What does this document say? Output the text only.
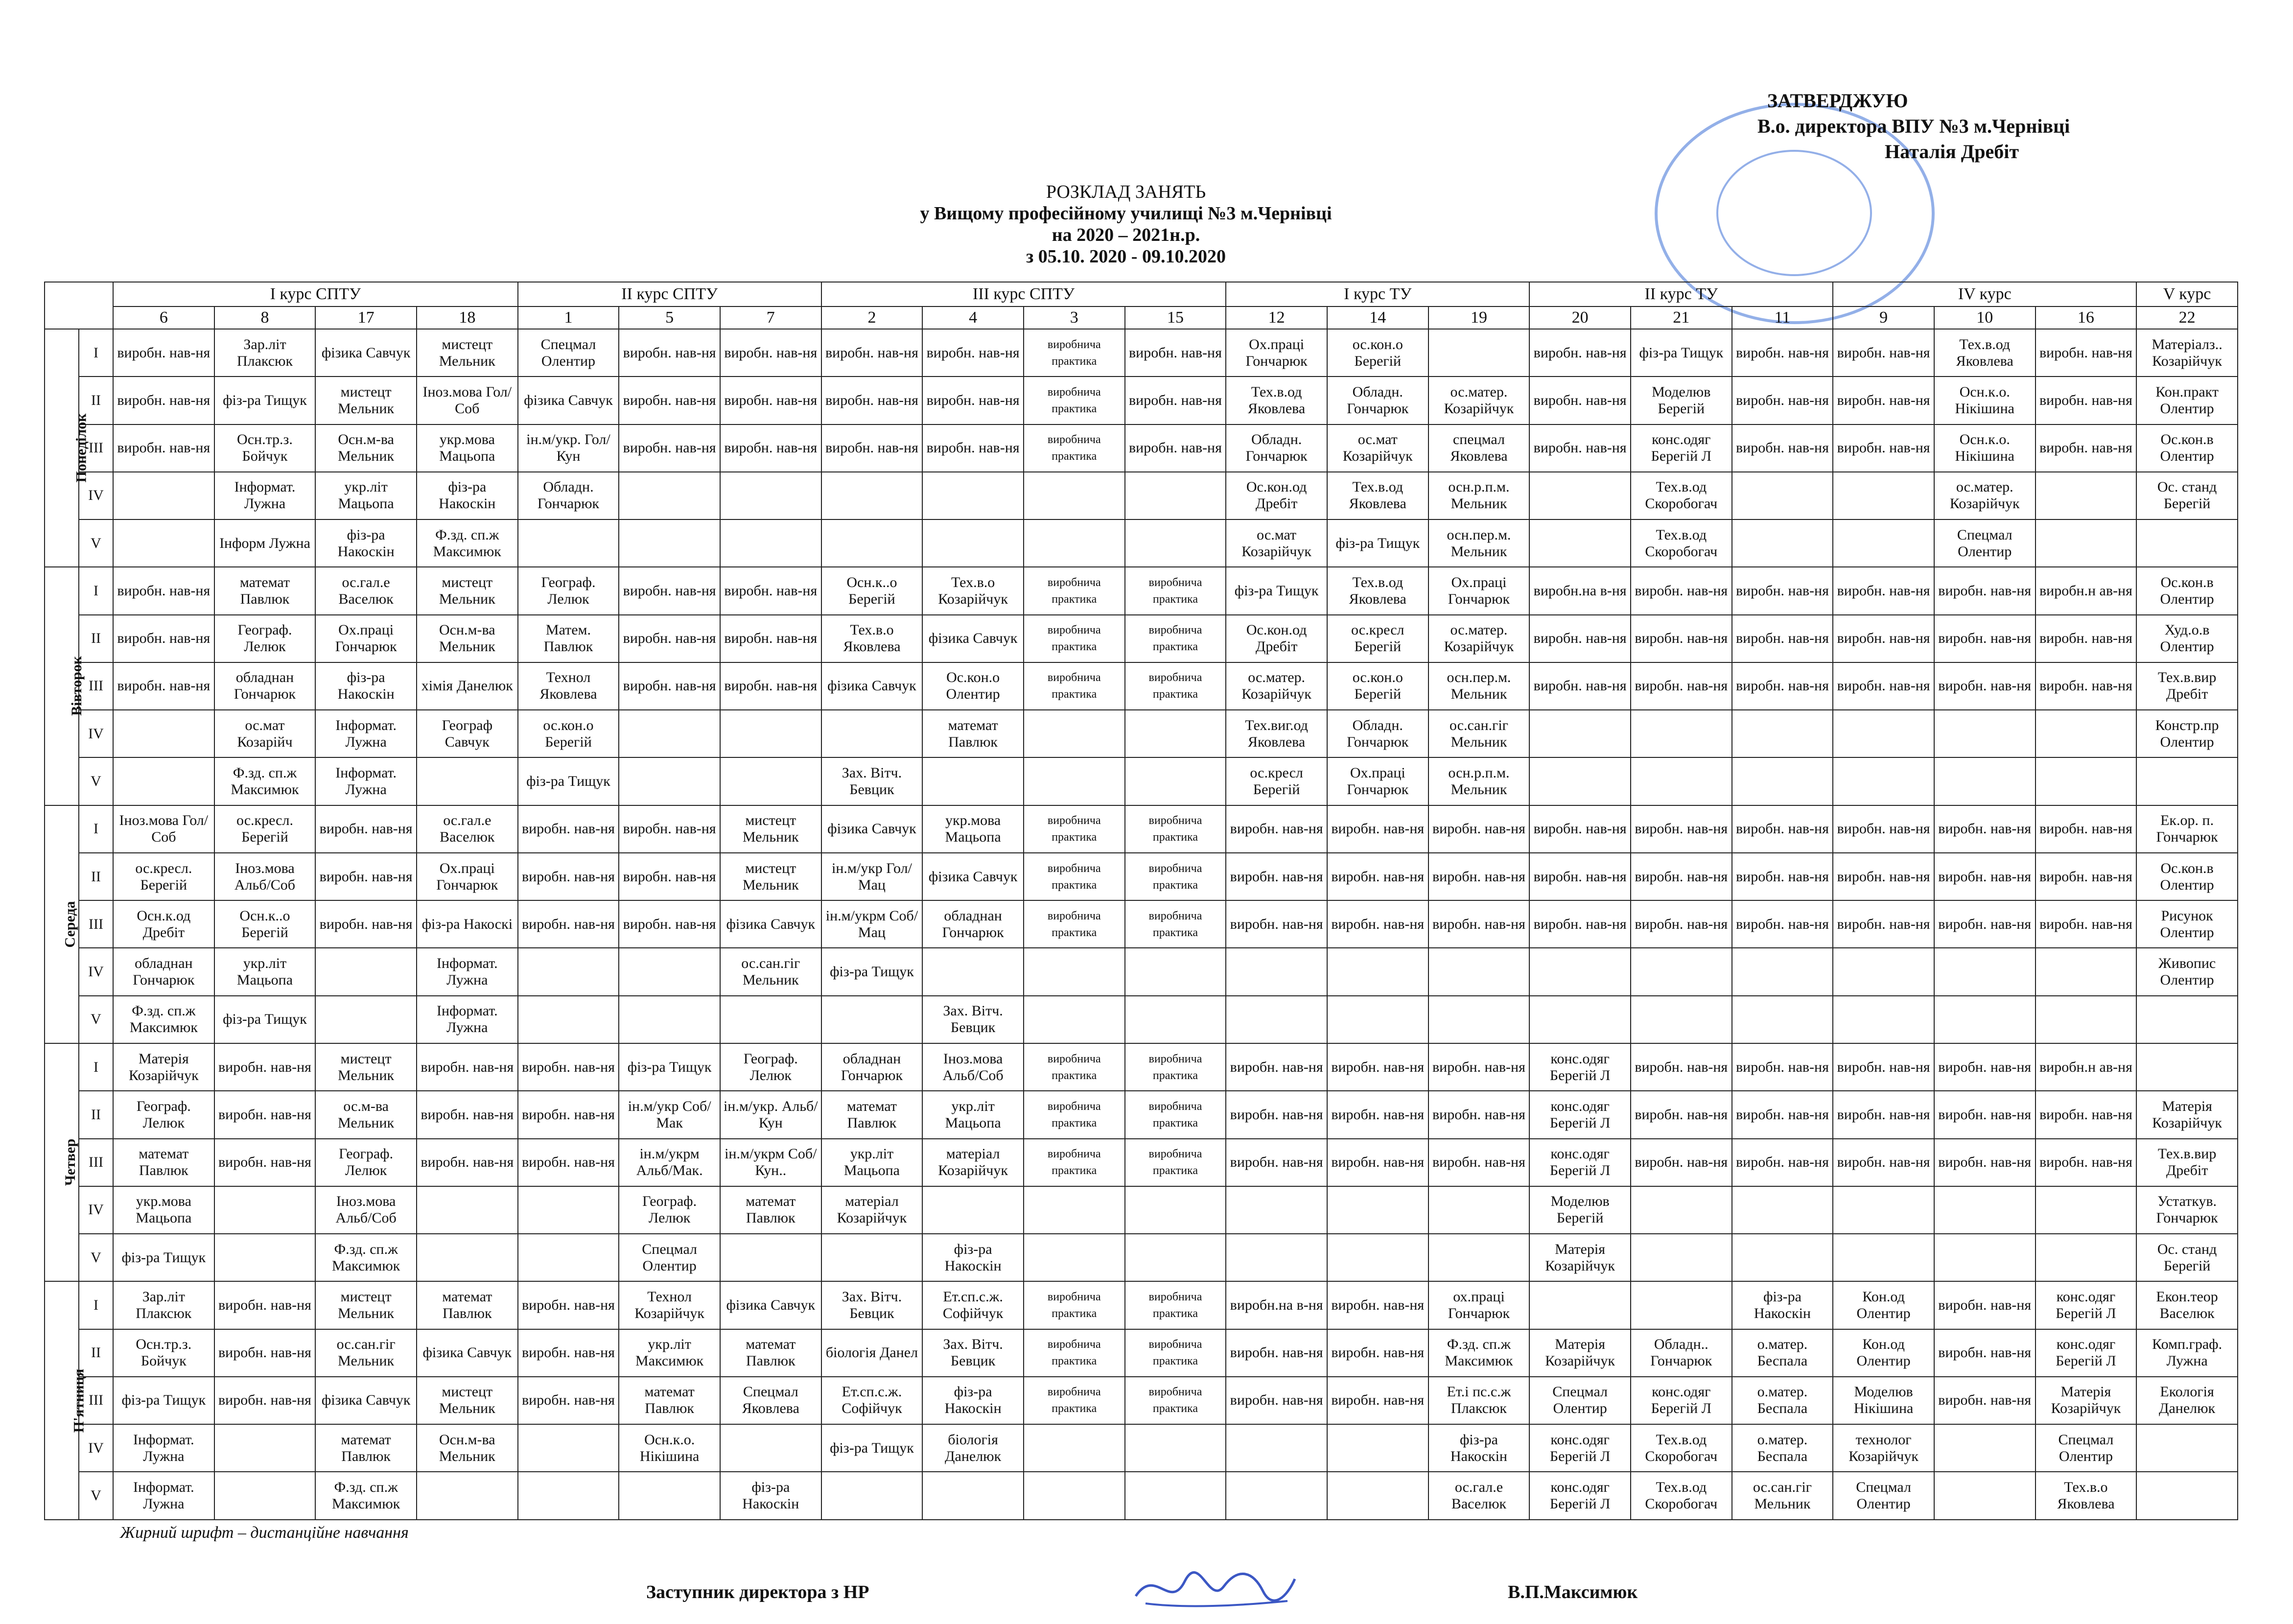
ЗАТВЕРДЖУЮ
В.о. директора ВПУ №3 м.Чернівці
Наталія Дребіт
РОЗКЛАД ЗАНЯТЬ
у Вищому професійному училищі №3 м.Чернівці
на 2020 – 2021н.р.
з 05.10. 2020 - 09.10.2020
		І курс СПТУ				ІІ курс СПТУ			ІІІ курс СПТУ				І курс ТУ			ІІ курс ТУ			ІV курс			V курс
		6	8	17	18	1	5	7	2	4	3	15	12	14	19	20	21	11	9	10	16	22
Понеділок	І	виробн. нав-ня	Зар.літ Плаксюк	фізика Савчук	мистецт Мельник	Спецмал Олентир	виробн. нав-ня	виробн. нав-ня	виробн. нав-ня	виробн. нав-ня	виробнича практика	виробн. нав-ня	Ох.праці Гончарюк	ос.кон.о Берегій		виробн. нав-ня	фіз-ра Тищук	виробн. нав-ня	виробн. нав-ня	Тех.в.од Яковлева	виробн. нав-ня	Матеріалз.. Козарійчук
	ІІ	виробн. нав-ня	фіз-ра Тищук	мистецт Мельник	Іноз.мова Гол/Соб	фізика Савчук	виробн. нав-ня	виробн. нав-ня	виробн. нав-ня	виробн. нав-ня	виробнича практика	виробн. нав-ня	Тех.в.од Яковлева	Обладн. Гончарюк	ос.матер. Козарійчук	виробн. нав-ня	Моделюв Берегій	виробн. нав-ня	виробн. нав-ня	Осн.к.о. Нікішина	виробн. нав-ня	Кон.практ Олентир
	ІІІ	виробн. нав-ня	Осн.тр.з. Бойчук	Осн.м-ва Мельник	укр.мова Мацьопа	ін.м/укр. Гол/Кун	виробн. нав-ня	виробн. нав-ня	виробн. нав-ня	виробн. нав-ня	виробнича практика	виробн. нав-ня	Обладн. Гончарюк	ос.мат Козарійчук	спецмал Яковлева	виробн. нав-ня	конс.одяг Берегій Л	виробн. нав-ня	виробн. нав-ня	Осн.к.о. Нікішина	виробн. нав-ня	Ос.кон.в Олентир
	ІV		Інформат. Лужна	укр.літ Мацьопа	фіз-ра Накоскін	Обладн. Гончарюк							Ос.кон.од Дребіт	Тех.в.од Яковлева	осн.р.п.м. Мельник		Тех.в.од Скоробогач			ос.матер. Козарійчук		Ос. станд Берегій
	V		Інформ Лужна	фіз-ра Накоскін	Ф.зд. сп.ж Максимюк								ос.мат Козарійчук	фіз-ра Тищук	осн.пер.м. Мельник		Тех.в.од Скоробогач			Спецмал Олентир		
Вівторок	І	виробн. нав-ня	математ Павлюк	ос.гал.е Васелюк	мистецт Мельник	Географ. Лелюк	виробн. нав-ня	виробн. нав-ня	Осн.к..о Берегій	Тех.в.о Козарійчук	виробнича практика	виробнича практика	фіз-ра Тищук	Тех.в.од Яковлева	Ох.праці Гончарюк	виробн.на в-ня	виробн. нав-ня	виробн. нав-ня	виробн. нав-ня	виробн. нав-ня	виробн.н ав-ня	Ос.кон.в Олентир
	ІІ	виробн. нав-ня	Географ. Лелюк	Ох.праці Гончарюк	Осн.м-ва Мельник	Матем. Павлюк	виробн. нав-ня	виробн. нав-ня	Тех.в.о Яковлева	фізика Савчук	виробнича практика	виробнича практика	Ос.кон.од Дребіт	ос.кресл Берегій	ос.матер. Козарійчук	виробн. нав-ня	виробн. нав-ня	виробн. нав-ня	виробн. нав-ня	виробн. нав-ня	виробн. нав-ня	Худ.о.в Олентир
	ІІІ	виробн. нав-ня	обладнан Гончарюк	фіз-ра Накоскін	хімія Данелюк	Технол Яковлева	виробн. нав-ня	виробн. нав-ня	фізика Савчук	Ос.кон.о Олентир	виробнича практика	виробнича практика	ос.матер. Козарійчук	ос.кон.о Берегій	осн.пер.м. Мельник	виробн. нав-ня	виробн. нав-ня	виробн. нав-ня	виробн. нав-ня	виробн. нав-ня	виробн. нав-ня	Тех.в.вир Дребіт
	ІV		ос.мат Козарійч	Інформат. Лужна	Географ Савчук	ос.кон.о Берегій				математ Павлюк			Тех.виг.од Яковлева	Обладн. Гончарюк	ос.сан.гіг Мельник							Констр.пр Олентир
	V		Ф.зд. сп.ж Максимюк	Інформат. Лужна		фіз-ра Тищук			Зах. Вітч. Бевцик				ос.кресл Берегій	Ох.праці Гончарюк	осн.р.п.м. Мельник							
Середа	І	Іноз.мова Гол/Соб	ос.кресл. Берегій	виробн. нав-ня	ос.гал.е Васелюк	виробн. нав-ня	виробн. нав-ня	мистецт Мельник	фізика Савчук	укр.мова Мацьопа	виробнича практика	виробнича практика	виробн. нав-ня	виробн. нав-ня	виробн. нав-ня	виробн. нав-ня	виробн. нав-ня	виробн. нав-ня	виробн. нав-ня	виробн. нав-ня	виробн. нав-ня	Ек.ор. п. Гончарюк
	ІІ	ос.кресл. Берегій	Іноз.мова Альб/Соб	виробн. нав-ня	Ох.праці Гончарюк	виробн. нав-ня	виробн. нав-ня	мистецт Мельник	ін.м/укр Гол/Мац	фізика Савчук	виробнича практика	виробнича практика	виробн. нав-ня	виробн. нав-ня	виробн. нав-ня	виробн. нав-ня	виробн. нав-ня	виробн. нав-ня	виробн. нав-ня	виробн. нав-ня	виробн. нав-ня	Ос.кон.в Олентир
	ІІІ	Осн.к.од Дребіт	Осн.к..о Берегій	виробн. нав-ня	фіз-ра Накоскі	виробн. нав-ня	виробн. нав-ня	фізика Савчук	ін.м/укрм Соб/Мац	обладнан Гончарюк	виробнича практика	виробнича практика	виробн. нав-ня	виробн. нав-ня	виробн. нав-ня	виробн. нав-ня	виробн. нав-ня	виробн. нав-ня	виробн. нав-ня	виробн. нав-ня	виробн. нав-ня	Рисунок Олентир
	ІV	обладнан Гончарюк	укр.літ Мацьопа		Інформат. Лужна			ос.сан.гіг Мельник	фіз-ра Тищук													Живопис Олентир
	V	Ф.зд. сп.ж Максимюк	фіз-ра Тищук		Інформат. Лужна					Зах. Вітч. Бевцик												
Четвер	І	Матерія Козарійчук	виробн. нав-ня	мистецт Мельник	виробн. нав-ня	виробн. нав-ня	фіз-ра Тищук	Географ. Лелюк	обладнан Гончарюк	Іноз.мова Альб/Соб	виробнича практика	виробнича практика	виробн. нав-ня	виробн. нав-ня	виробн. нав-ня	конс.одяг Берегій Л	виробн. нав-ня	виробн. нав-ня	виробн. нав-ня	виробн. нав-ня	виробн.н ав-ня	
	ІІ	Географ. Лелюк	виробн. нав-ня	ос.м-ва Мельник	виробн. нав-ня	виробн. нав-ня	ін.м/укр Соб/Мак	ін.м/укр. Альб/Кун	математ Павлюк	укр.літ Мацьопа	виробнича практика	виробнича практика	виробн. нав-ня	виробн. нав-ня	виробн. нав-ня	конс.одяг Берегій Л	виробн. нав-ня	виробн. нав-ня	виробн. нав-ня	виробн. нав-ня	виробн. нав-ня	Матерія Козарійчук
	ІІІ	математ Павлюк	виробн. нав-ня	Географ. Лелюк	виробн. нав-ня	виробн. нав-ня	ін.м/укрм Альб/Мак.	ін.м/укрм Соб/Кун..	укр.літ Мацьопа	матеріал Козарійчук	виробнича практика	виробнича практика	виробн. нав-ня	виробн. нав-ня	виробн. нав-ня	конс.одяг Берегій Л	виробн. нав-ня	виробн. нав-ня	виробн. нав-ня	виробн. нав-ня	виробн. нав-ня	Тех.в.вир Дребіт
	ІV	укр.мова Мацьопа		Іноз.мова Альб/Соб			Географ. Лелюк	математ Павлюк	матеріал Козарійчук							Моделюв Берегій						Устаткув. Гончарюк
	V	фіз-ра Тищук		Ф.зд. сп.ж Максимюк			Спецмал Олентир			фіз-ра Накоскін						Матерія Козарійчук						Ос. станд Берегій
П'ятниця	І	Зар.літ Плаксюк	виробн. нав-ня	мистецт Мельник	математ Павлюк	виробн. нав-ня	Технол Козарійчук	фізика Савчук	Зах. Вітч. Бевцик	Ет.сп.с.ж. Софійчук	виробнича практика	виробнича практика	виробн.на в-ня	виробн. нав-ня	ох.праці Гончарюк			фіз-ра Накоскін	Кон.од Олентир	виробн. нав-ня	конс.одяг Берегій Л	Екон.теор Васелюк
	ІІ	Осн.тр.з. Бойчук	виробн. нав-ня	ос.сан.гіг Мельник	фізика Савчук	виробн. нав-ня	укр.літ Максимюк	математ Павлюк	біологія Данел	Зах. Вітч. Бевцик	виробнича практика	виробнича практика	виробн. нав-ня	виробн. нав-ня	Ф.зд. сп.ж Максимюк	Матерія Козарійчук	Обладн.. Гончарюк	о.матер. Беспала	Кон.од Олентир	виробн. нав-ня	конс.одяг Берегій Л	Комп.граф. Лужна
	ІІІ	фіз-ра Тищук	виробн. нав-ня	фізика Савчук	мистецт Мельник	виробн. нав-ня	математ Павлюк	Спецмал Яковлева	Ет.сп.с.ж. Софійчук	фіз-ра Накоскін	виробнича практика	виробнича практика	виробн. нав-ня	виробн. нав-ня	Ет.і пс.с.ж Плаксюк	Спецмал Олентир	конс.одяг Берегій Л	о.матер. Беспала	Моделюв Нікішина	виробн. нав-ня	Матерія Козарійчук	Екологія Данелюк
	ІV	Інформат. Лужна		математ Павлюк	Осн.м-ва Мельник		Осн.к.о. Нікішина		фіз-ра Тищук	біологія Данелюк					фіз-ра Накоскін	конс.одяг Берегій Л	Тех.в.од Скоробогач	о.матер. Беспала	технолог Козарійчук		Спецмал Олентир	
	V	Інформат. Лужна		Ф.зд. сп.ж Максимюк				фіз-ра Накоскін							ос.гал.е Васелюк	конс.одяг Берегій Л	Тех.в.од Скоробогач	ос.сан.гіг Мельник	Спецмал Олентир		Тех.в.о Яковлева	
Жирний шрифт – дистанційне навчання
Заступник директора з НР	В.П.Максимюк
